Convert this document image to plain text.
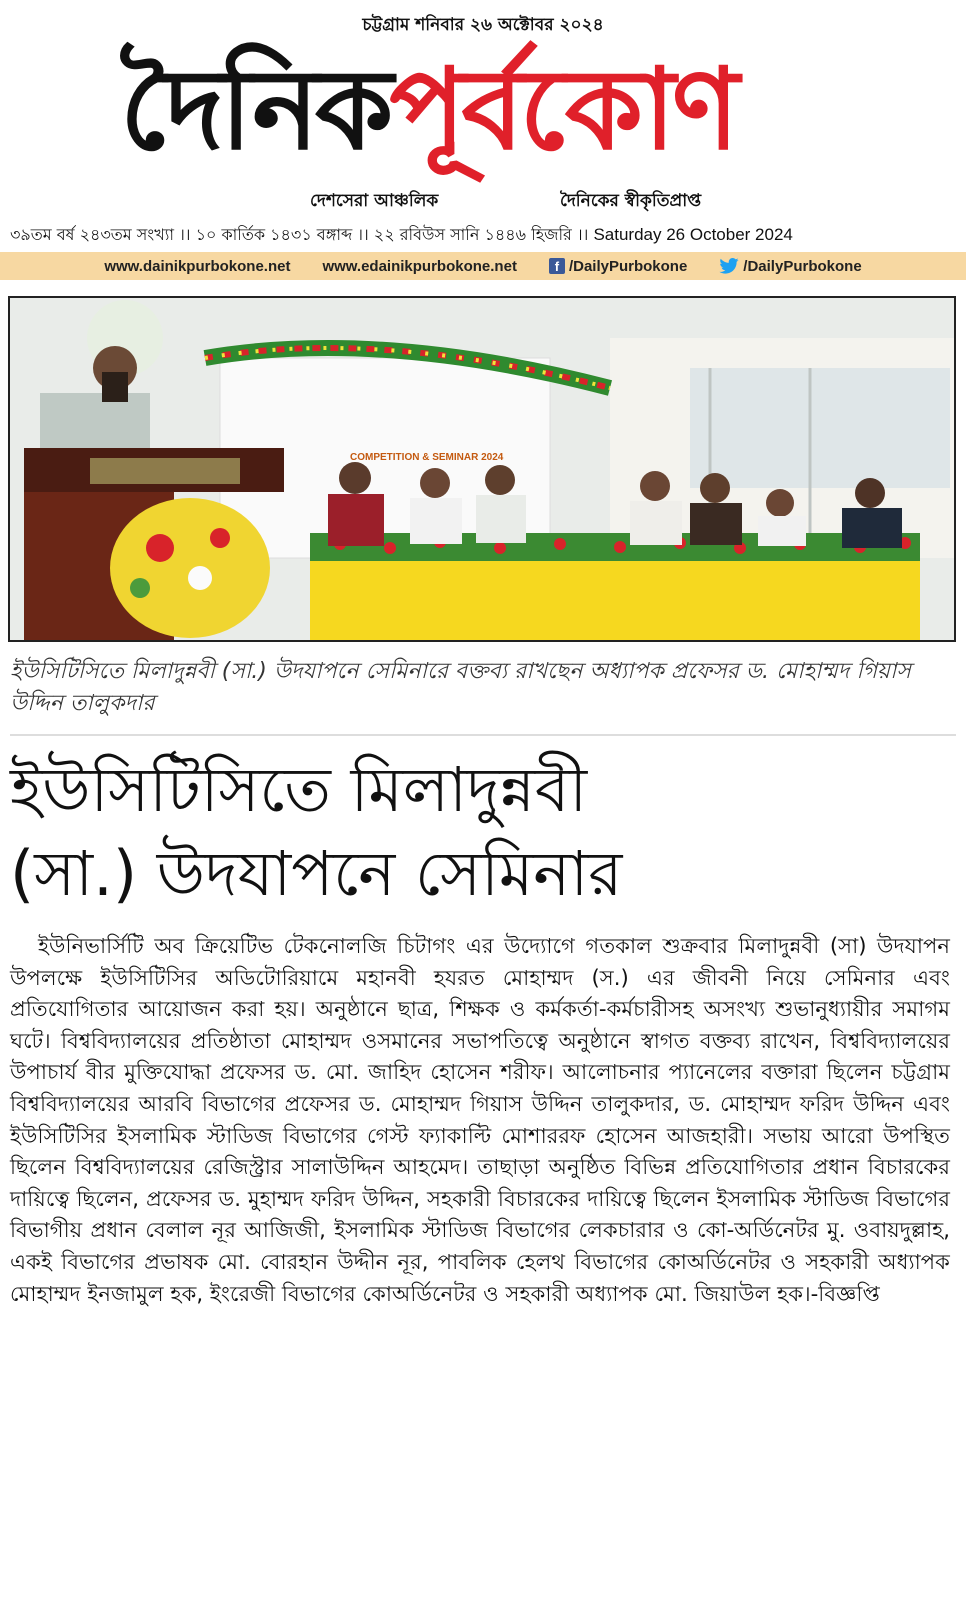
চট্টগ্রাম শনিবার ২৬ অক্টোবর ২০২৪
দৈনিকপূর্বকোণ
দেশসেরা আঞ্চলিক	দৈনিকের স্বীকৃতিপ্রাপ্ত
৩৯তম বর্ষ ২৪৩তম সংখ্যা ।। ১০ কার্তিক ১৪৩১ বঙ্গাব্দ ।। ২২ রবিউস সানি ১৪৪৬ হিজরি ।। Saturday 26 October 2024
www.dainikpurbokone.net www.edainikpurbokone.net	f /DailyPurbokone	/DailyPurbokone
COMPETITION & SEMINAR 2024

ইউসিটিসিতে মিলাদুন্নবী (সা.) উদযাপনে সেমিনারে বক্তব্য রাখছেন অধ্যাপক প্রফেসর ড. মোহাম্মদ গিয়াস উদ্দিন তালুকদার

ইউসিটিসিতে মিলাদুন্নবী
(সা.) উদযাপনে সেমিনার

ইউনিভার্সিটি অব ক্রিয়েটিভ টেকনোলজি চিটাগং এর উদ্যোগে গতকাল শুক্রবার মিলাদুন্নবী (সা) উদযাপন উপলক্ষে ইউসিটিসির অডিটোরিয়ামে মহানবী হযরত মোহাম্মদ (স.) এর জীবনী নিয়ে সেমিনার এবং প্রতিযোগিতার আয়োজন করা হয়। অনুষ্ঠানে ছাত্র, শিক্ষক ও কর্মকর্তা-কর্মচারীসহ অসংখ্য শুভানুধ্যায়ীর সমাগম ঘটে। বিশ্ববিদ্যালয়ের প্রতিষ্ঠাতা মোহাম্মদ ওসমানের সভাপতিত্বে অনুষ্ঠানে স্বাগত বক্তব্য রাখেন, বিশ্ববিদ্যালয়ের উপাচার্য বীর মুক্তিযোদ্ধা প্রফেসর ড. মো. জাহিদ হোসেন শরীফ। আলোচনার প্যানেলের বক্তারা ছিলেন চট্টগ্রাম বিশ্ববিদ্যালয়ের আরবি বিভাগের প্রফেসর ড. মোহাম্মদ গিয়াস উদ্দিন তালুকদার, ড. মোহাম্মদ ফরিদ উদ্দিন এবং ইউসিটিসির ইসলামিক স্টাডিজ বিভাগের গেস্ট ফ্যাকাল্টি মোশাররফ হোসেন আজহারী। সভায় আরো উপস্থিত ছিলেন বিশ্ববিদ্যালয়ের রেজিস্ট্রার সালাউদ্দিন আহমেদ। তাছাড়া অনুষ্ঠিত বিভিন্ন প্রতিযোগিতার প্রধান বিচারকের দায়িত্বে ছিলেন, প্রফেসর ড. মুহাম্মদ ফরিদ উদ্দিন, সহকারী বিচারকের দায়িত্বে ছিলেন ইসলামিক স্টাডিজ বিভাগের বিভাগীয় প্রধান বেলাল নূর আজিজী, ইসলামিক স্টাডিজ বিভাগের লেকচারার ও কো-অর্ডিনেটর মু. ওবায়দুল্লাহ, একই বিভাগের প্রভাষক মো. বোরহান উদ্দীন নূর, পাবলিক হেলথ বিভাগের কোঅর্ডিনেটর ও সহকারী অধ্যাপক মোহাম্মদ ইনজামুল হক, ইংরেজী বিভাগের কোঅর্ডিনেটর ও সহকারী অধ্যাপক মো. জিয়াউল হক।-বিজ্ঞপ্তি
